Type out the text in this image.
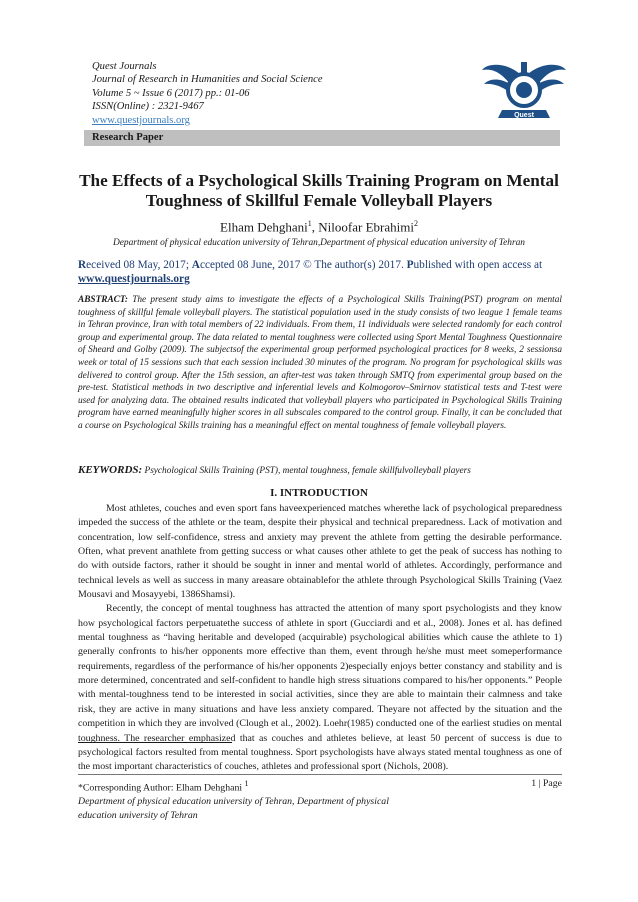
Quest Journals
Journal of Research in Humanities and Social Science
Volume 5 ~ Issue 6 (2017) pp.: 01-06
ISSN(Online) : 2321-9467
www.questjournals.org	Quest
Research Paper
The Effects of a Psychological Skills Training Program on Mental Toughness of Skillful Female Volleyball Players
Elham Dehghani$^1$, Niloofar Ebrahimi$^2$
Department of physical education university of Tehran,Department of physical education university of Tehran
Received 08 May, 2017; Accepted 08 June, 2017 © The author(s) 2017. Published with open access at www.questjournals.org
ABSTRACT: The present study aims to investigate the effects of a Psychological Skills Training(PST) program on mental toughness of skillful female volleyball players. The statistical population used in the study consists of two league 1 female teams in Tehran province, Iran with total members of 22 individuals. From them, 11 individuals were selected randomly for each control group and experimental group. The data related to mental toughness were collected using Sport Mental Toughness Questionnaire of Sheard and Golby (2009). The subjectsof the experimental group performed psychological practices for 8 weeks, 2 sessionsa week or total of 15 sessions such that each session included 30 minutes of the program. No program for psychological skills was delivered to control group. After the 15th session, an after-test was taken through SMTQ from experimental group based on the pre-test. Statistical methods in two descriptive and inferential levels and Kolmogorov–Smirnov statistical tests and T-test were used for analyzing data. The obtained results indicated that volleyball players who participated in Psychological Skills Training program have earned meaningfully higher scores in all subscales compared to the control group. Finally, it can be concluded that a course on Psychological Skills training has a meaningful effect on mental toughness of female volleyball players.
KEYWORDS: Psychological Skills Training (PST), mental toughness, female skillfulvolleyball players
I. INTRODUCTION

Most athletes, couches and even sport fans haveexperienced matches wherethe lack of psychological preparedness impeded the success of the athlete or the team, despite their physical and technical preparedness. Lack of motivation and concentration, low self-confidence, stress and anxiety may prevent the athlete from getting the desirable performance. Often, what prevent anathlete from getting success or what causes other athlete to get the peak of success has nothing to do with outside factors, rather it should be sought in inner and mental world of athletes. Accordingly, performance and technical levels as well as success in many areasare obtainablefor the athlete through Psychological Skills Training (Vaez Mousavi and Mosayyebi, 1386Shamsi).

Recently, the concept of mental toughness has attracted the attention of many sport psychologists and they know how psychological factors perpetuatethe success of athlete in sport (Gucciardi and et al., 2008). Jones et al. has defined mental toughness as “having heritable and developed (acquirable) psychological abilities which cause the athlete to 1) generally confronts to his/her opponents more effective than them, event through he/she must meet someperformance requirements, regardless of the performance of his/her opponents 2)especially enjoys better constancy and stability and is more determined, concentrated and self-confident to handle high stress situations compared to his/her opponents.” People with mental-toughness tend to be interested in social activities, since they are able to maintain their calmness and take risk, they are active in many situations and have less anxiety compared. Theyare not affected by the situation and the competition in which they are involved (Clough et al., 2002). Loehr(1985) conducted one of the earliest studies on mental toughness. The researcher emphasized that as couches and athletes believe, at least 50 percent of success is due to psychological factors resulted from mental toughness. Sport psychologists have always stated mental toughness as one of the most important characteristics of couches, athletes and professional sport (Nichols, 2008).

*Corresponding Author: Elham Dehghani $^1$
Department of physical education university of Tehran, Department of physical
education university of Tehran
1 | Page
